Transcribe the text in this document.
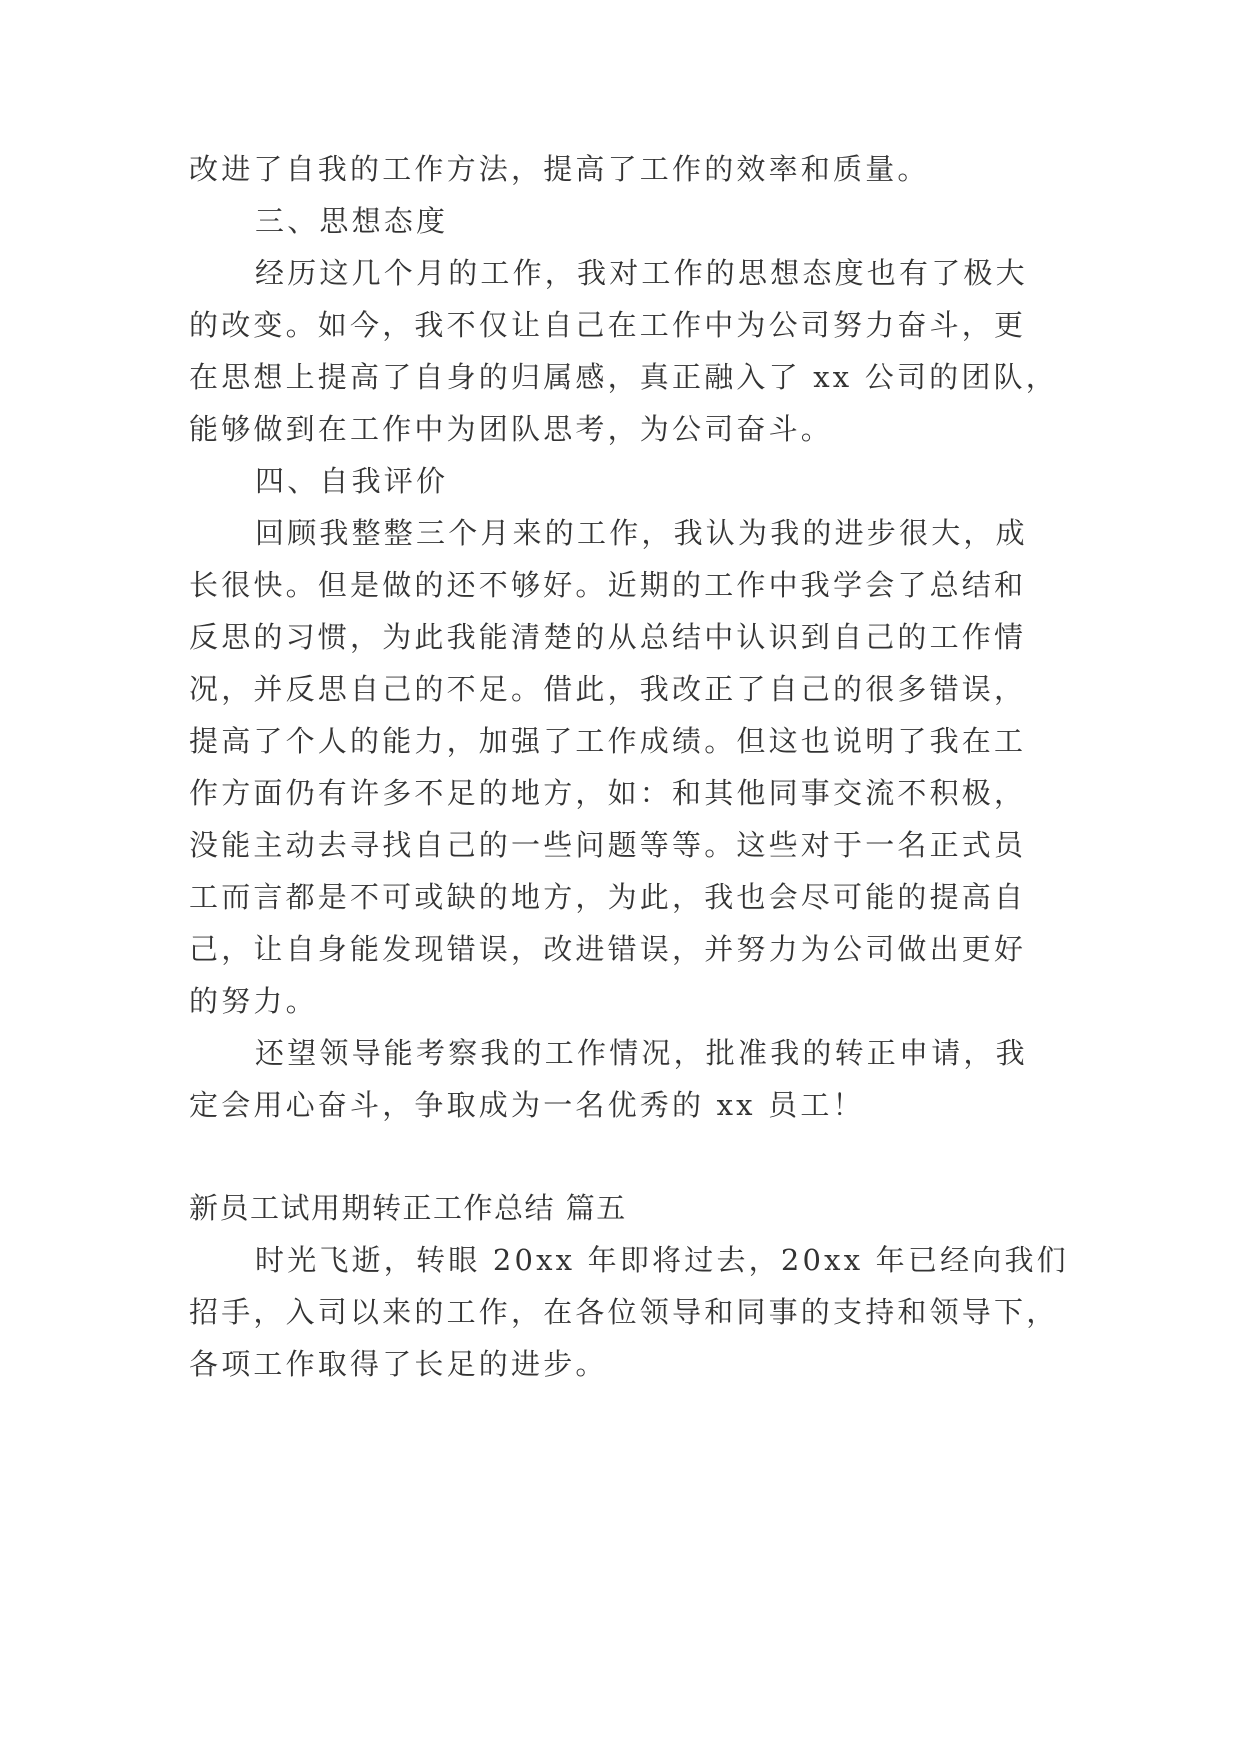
改进了自我的工作方法，提高了工作的效率和质量。
三、思想态度
经历这几个月的工作，我对工作的思想态度也有了极大
的改变。如今，我不仅让自己在工作中为公司努力奋斗，更
在思想上提高了自身的归属感，真正融入了 xx 公司的团队，
能够做到在工作中为团队思考，为公司奋斗。
四、自我评价
回顾我整整三个月来的工作，我认为我的进步很大，成
长很快。但是做的还不够好。近期的工作中我学会了总结和
反思的习惯，为此我能清楚的从总结中认识到自己的工作情
况，并反思自己的不足。借此，我改正了自己的很多错误，
提高了个人的能力，加强了工作成绩。但这也说明了我在工
作方面仍有许多不足的地方，如：和其他同事交流不积极，
没能主动去寻找自己的一些问题等等。这些对于一名正式员
工而言都是不可或缺的地方，为此，我也会尽可能的提高自
己，让自身能发现错误，改进错误，并努力为公司做出更好
的努力。
还望领导能考察我的工作情况，批准我的转正申请，我
定会用心奋斗，争取成为一名优秀的 xx 员工！
新员工试用期转正工作总结 篇五
时光飞逝，转眼 20xx 年即将过去，20xx 年已经向我们
招手，入司以来的工作，在各位领导和同事的支持和领导下，
各项工作取得了长足的进步。
